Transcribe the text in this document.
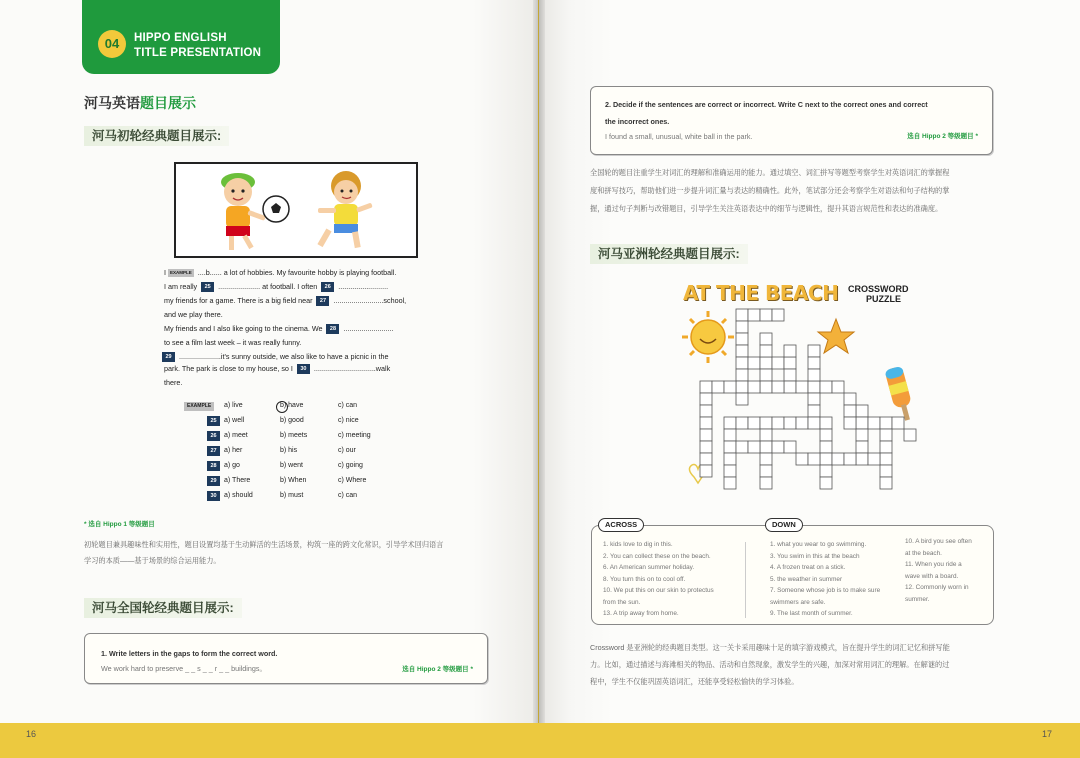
04	HIPPO ENGLISH
TITLE PRESENTATION
河马英语题目展示
河马初轮经典题目展示:
I EXAMPLE ....b...... a lot of hobbies. My favourite hobby is playing football.
I am really 25 ..................... at football. I often 26 .........................
my friends for a game. There is a big field near 27 .........................school,
and we play there.
My friends and I also like going to the cinema. We 28 .........................
to see a film last week – it was really funny.
29 .....................it's sunny outside, we also like to have a picnic in the
park. The park is close to my house, so I 30 ...............................walk
there.
EXAMPLE	a) live	b) have	c) can
25	a) well	b) good	c) nice
26	a) meet	b) meets	c) meeting
27	a) her	b) his	c) our
28	a) go	b) went	c) going
29	a) There	b) When	c) Where
30	a) should	b) must	c) can
* 选自 Hippo 1 等级题目
初轮题目兼具趣味性和实用性，题目设置均基于生动鲜活的生活场景，构筑一座的跨文化常识，引导学术回归语言
学习的本质——基于场景的综合运用能力。
河马全国轮经典题目展示:
1. Write letters in the gaps to form the correct word.
We work hard to preserve _ _ s _ _ r _ _ buildings。	选自 Hippo 2 等级题目 *
16
2. Decide if the sentences are correct or incorrect. Write C next to the correct ones and correct
the incorrect ones.
I found a small, unusual, white ball in the park.	选自 Hippo 2 等级题目 *
全国轮的题目注重学生对词汇的理解和准确运用的能力。通过填空、词汇拼写等题型考察学生对英语词汇的掌握程
度和拼写技巧，帮助他们进一步提升词汇量与表达的精确性。此外，笔试部分还会考察学生对语法和句子结构的掌
握，通过句子判断与改错题目，引导学生关注英语表达中的细节与逻辑性，提升其语言规范性和表达的准确度。
河马亚洲轮经典题目展示:
AT THE BEACH CROSSWORD
PUZZLE
ACROSS	DOWN
1. kids love to dig in this.
2. You can collect these on the beach.
6. An American summer holiday.
8. You turn this on to cool off.
10. We put this on our skin to protectus
from the sun.
13. A trip away from home.
1. what you wear to go swimming.
3. You swim in this at the beach
4. A frozen treat on a stick.
5. the weather in summer
7. Someone whose job is to make sure
swimmers are safe.
9. The last month of summer.
10. A bird you see often
at the beach.
11. When you ride a
wave with a board.
12. Commonly worn in
summer.
Crossword 是亚洲轮的经典题目类型。这一关卡采用趣味十足的填字游戏模式，旨在提升学生的词汇记忆和拼写能
力。比如，通过描述与海滩相关的物品、活动和自然现象，激发学生的兴趣，加深对常用词汇的理解。在解谜的过
程中，学生不仅能巩固英语词汇，还能享受轻松愉快的学习体验。
17
